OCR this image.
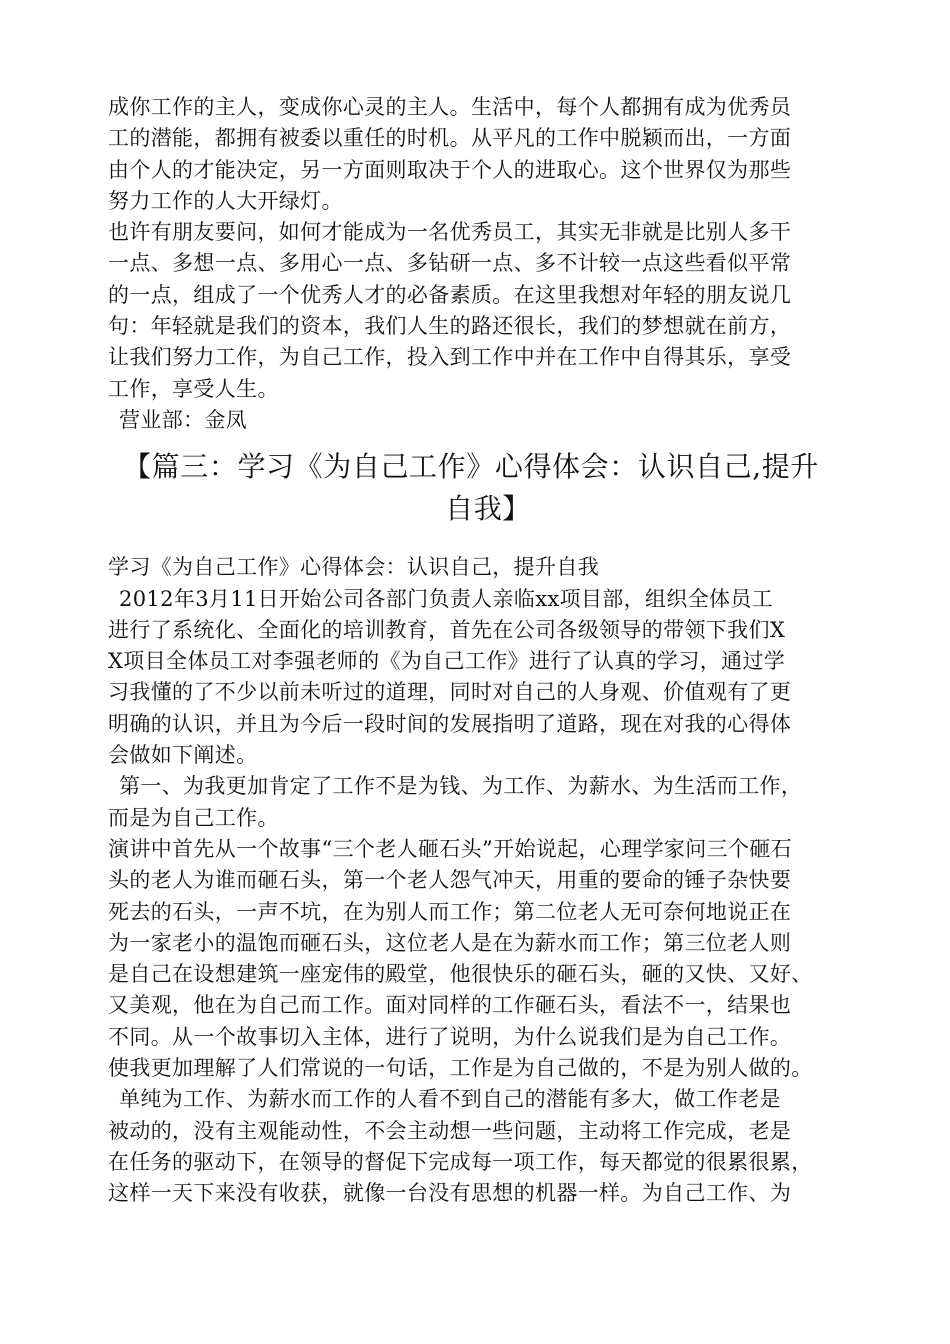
成你工作的主人，变成你心灵的主人。生活中，每个人都拥有成为优秀员
工的潜能，都拥有被委以重任的时机。从平凡的工作中脱颖而出，一方面
由个人的才能决定，另一方面则取决于个人的进取心。这个世界仅为那些
努力工作的人大开绿灯。
也许有朋友要问，如何才能成为一名优秀员工，其实无非就是比别人多干
一点、多想一点、多用心一点、多钻研一点、多不计较一点这些看似平常
的一点，组成了一个优秀人才的必备素质。在这里我想对年轻的朋友说几
句：年轻就是我们的资本，我们人生的路还很长，我们的梦想就在前方，
让我们努力工作，为自己工作，投入到工作中并在工作中自得其乐，享受
工作，享受人生。
营业部：金凤
【篇三：学习《为自己工作》心得体会：认识自己,提升
自我】
学习《为自己工作》心得体会：认识自己，提升自我
2012年3月11日开始公司各部门负责人亲临xx项目部，组织全体员工
进行了系统化、全面化的培训教育，首先在公司各级领导的带领下我们X
X项目全体员工对李强老师的《为自己工作》进行了认真的学习，通过学
习我懂的了不少以前未听过的道理，同时对自己的人身观、价值观有了更
明确的认识，并且为今后一段时间的发展指明了道路，现在对我的心得体
会做如下阐述。
第一、为我更加肯定了工作不是为钱、为工作、为薪水、为生活而工作，
而是为自己工作。
演讲中首先从一个故事“三个老人砸石头”开始说起，心理学家问三个砸石
头的老人为谁而砸石头，第一个老人怨气冲天，用重的要命的锤子杂快要
死去的石头，一声不坑，在为别人而工作；第二位老人无可奈何地说正在
为一家老小的温饱而砸石头，这位老人是在为薪水而工作；第三位老人则
是自己在设想建筑一座宠伟的殿堂，他很快乐的砸石头，砸的又快、又好、
又美观，他在为自己而工作。面对同样的工作砸石头，看法不一，结果也
不同。从一个故事切入主体，进行了说明，为什么说我们是为自己工作。
使我更加理解了人们常说的一句话，工作是为自己做的，不是为别人做的。
单纯为工作、为薪水而工作的人看不到自己的潜能有多大，做工作老是
被动的，没有主观能动性，不会主动想一些问题，主动将工作完成，老是
在任务的驱动下，在领导的督促下完成每一项工作，每天都觉的很累很累，
这样一天下来没有收获，就像一台没有思想的机器一样。为自己工作、为
